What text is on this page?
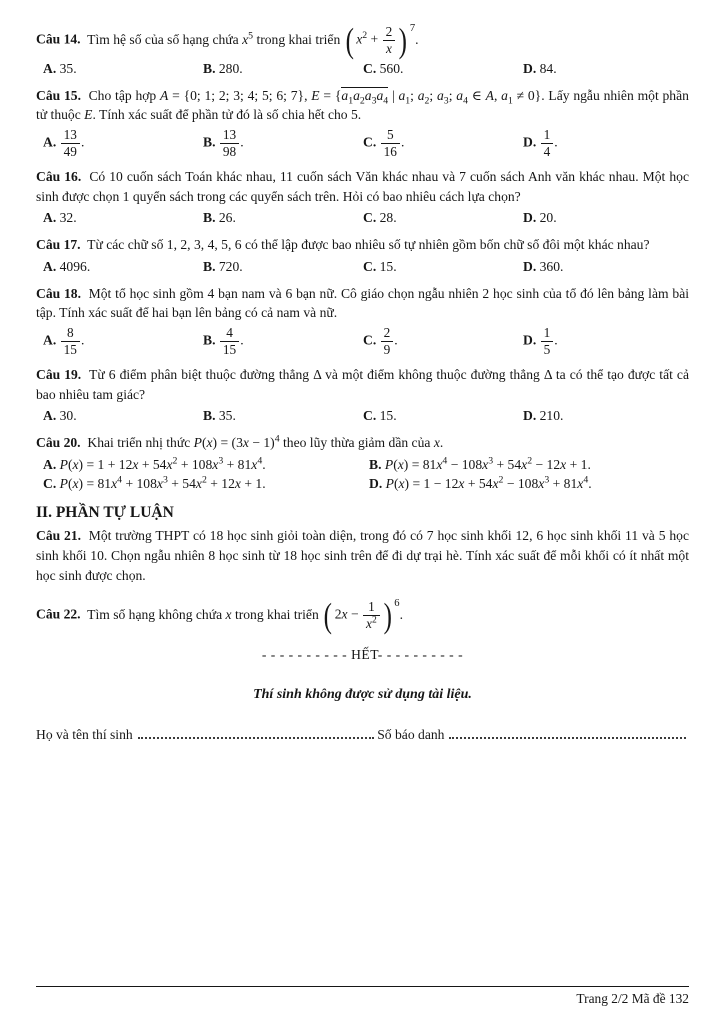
Câu 14. Tìm hệ số của số hạng chứa $x^5$ trong khai triển ( $x^2 + \frac{2}{x}$ ) 7
.

A. 35.	B. 280.	C. 560.	D. 84.

Câu 15. Cho tập hợp A = {0; 1; 2; 3; 4; 5; 6; 7}, $E = \{a_1a_2a_3a_4$ | $a_1$; $a_2$; $a_3$; $a_4$ ∈ A, $a_1 \ne 0$}. Lấy ngẫu nhiên một phần tử thuộc E. Tính xác suất để phần tử đó là số chia hết cho 5.

A. $\frac{13}{49}$ .	B. $\frac{13}{98}$ .	C. $\frac{5}{16}$ .	D. $\frac{1}{4}$ .

Câu 16. Có 10 cuốn sách Toán khác nhau, 11 cuốn sách Văn khác nhau và 7 cuốn sách Anh văn khác nhau. Một học sinh được chọn 1 quyển sách trong các quyển sách trên. Hỏi có bao nhiêu cách lựa chọn?

A. 32.	B. 26.	C. 28.	D. 20.

Câu 17. Từ các chữ số 1, 2, 3, 4, 5, 6 có thể lập được bao nhiêu số tự nhiên gồm bốn chữ số đôi một khác nhau?

A. 4096.	B. 720.	C. 15.	D. 360.

Câu 18. Một tổ học sinh gồm 4 bạn nam và 6 bạn nữ. Cô giáo chọn ngẫu nhiên 2 học sinh của tổ đó lên bảng làm bài tập. Tính xác suất để hai bạn lên bảng có cả nam và nữ.

A. $\frac{8}{15}$ .	B. $\frac{4}{15}$ .	C. $\frac{2}{9}$ .	D. $\frac{1}{5}$ .

Câu 19. Từ 6 điểm phân biệt thuộc đường thẳng Δ và một điểm không thuộc đường thẳng Δ ta có thể tạo được tất cả bao nhiêu tam giác?

A. 30.	B. 35.	C. 15.	D. 210.

Câu 20. Khai triển nhị thức $P(x) = (3x - 1)^4$ theo lũy thừa giảm dần của x.

A. $P(x) = 1 + 12x + 54x^2 + 108x^3 + 81x^4$.	B. $P(x) = 81x^4 - 108x^3 + 54x^2 - 12x + 1$.
C. $P(x) = 81x^4 + 108x^3 + 54x^2 + 12x + 1$.	D. $P(x) = 1 - 12x + 54x^2 - 108x^3 + 81x^4$.
II. PHẦN TỰ LUẬN

Câu 21. Một trường THPT có 18 học sinh giỏi toàn diện, trong đó có 7 học sinh khối 12, 6 học sinh khối 11 và 5 học sinh khối 10. Chọn ngẫu nhiên 8 học sinh từ 18 học sinh trên để đi dự trại hè. Tính xác suất để mỗi khối có ít nhất một học sinh được chọn.

Câu 22. Tìm số hạng không chứa x trong khai triển ( $2x - \frac{1}{x^2}$ ) 6
.

- - - - - - - - - - HẾT- - - - - - - - - -
Thí sinh không được sử dụng tài liệu.
Họ và tên thí sinh	Số báo danh
Trang 2/2 Mã đề 132
